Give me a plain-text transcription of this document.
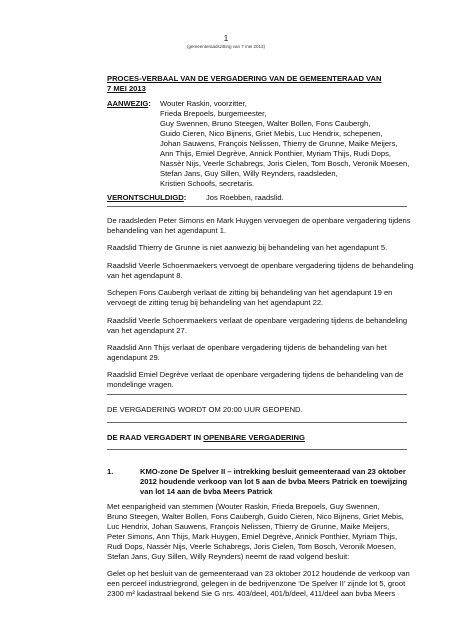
1
(gemeenteraadszitting van 7 mei 2013)
PROCES-VERBAAL VAN DE VERGADERING VAN DE GEMEENTERAAD VAN
7 MEI 2013
AANWEZIG: Wouter Raskin, voorzitter,
Frieda Brepoels, burgemeester,
Guy Swennen, Bruno Steegen, Walter Bollen, Fons Caubergh,
Guido Cieren, Nico Bijnens, Griet Mebis, Luc Hendrix, schepenen,
Johan Sauwens, François Nelissen, Thierry de Grunne, Maike Meijers,
Ann Thijs, Emiel Degrève, Annick Ponthier, Myriam Thijs, Rudi Dops,
Nassèr Nijs, Veerle Schabregs, Joris Cielen, Tom Bosch, Veronik Moesen,
Stefan Jans, Guy Sillen, Willy Reynders, raadsleden,
Kristien Schoofs, secretaris.
VERONTSCHULDIGD:	Jos Roebben, raadslid.
De raadsleden Peter Simons en Mark Huygen vervoegen de openbare vergadering tijdens
behandeling van het agendapunt 1.
Raadslid Thierry de Grunne is niet aanwezig bij behandeling van het agendapunt 5.
Raadslid Veerle Schoenmaekers vervoegt de openbare vergadering tijdens de behandeling
van het agendapunt 8.
Schepen Fons Caubergh verlaat de zitting bij behandeling van het agendapunt 19 en
vervoegt de zitting terug bij behandeling van het agendapunt 22.
Raadslid Veerle Schoenmaekers verlaat de openbare vergadering tijdens de behandeling
van het agendapunt 27.
Raadslid Ann Thijs verlaat de openbare vergadering tijdens de behandeling van het
agendapunt 29.
Raadslid Emiel Degrève verlaat de openbare vergadering tijdens de behandeling van de
mondelinge vragen.
DE VERGADERING WORDT OM 20:00 UUR GEOPEND.
DE RAAD VERGADERT IN OPENBARE VERGADERING
1.	KMO-zone De Spelver II – intrekking besluit gemeenteraad van 23 oktober
2012 houdende verkoop van lot 5 aan de bvba Meers Patrick en toewijzing
van lot 14 aan de bvba Meers Patrick
Met eenparigheid van stemmen (Wouter Raskin, Frieda Brepoels, Guy Swennen,
Bruno Steegen, Walter Bollen, Fons Caubergh, Guido Cieren, Nico Bijnens, Griet Mebis,
Luc Hendrix, Johan Sauwens, François Nelissen, Thierry de Grunne, Maike Meijers,
Peter Simons, Ann Thijs, Mark Huygen, Emiel Degrève, Annick Ponthier, Myriam Thijs,
Rudi Dops, Nassèr Nijs, Veerle Schabregs, Joris Cielen, Tom Bosch, Veronik Moesen,
Stefan Jans, Guy Sillen, Willy Reynders) neemt de raad volgend besluit:
Gelet op het besluit van de gemeenteraad van 23 oktober 2012 houdende de verkoop van
een perceel industriegrond, gelegen in de bedrijvenzone ‘De Spelver II’ zijnde lot 5, groot
2300 m² kadastraal bekend Sie G nrs. 403/deel, 401/b/deel, 411/deel aan bvba Meers
